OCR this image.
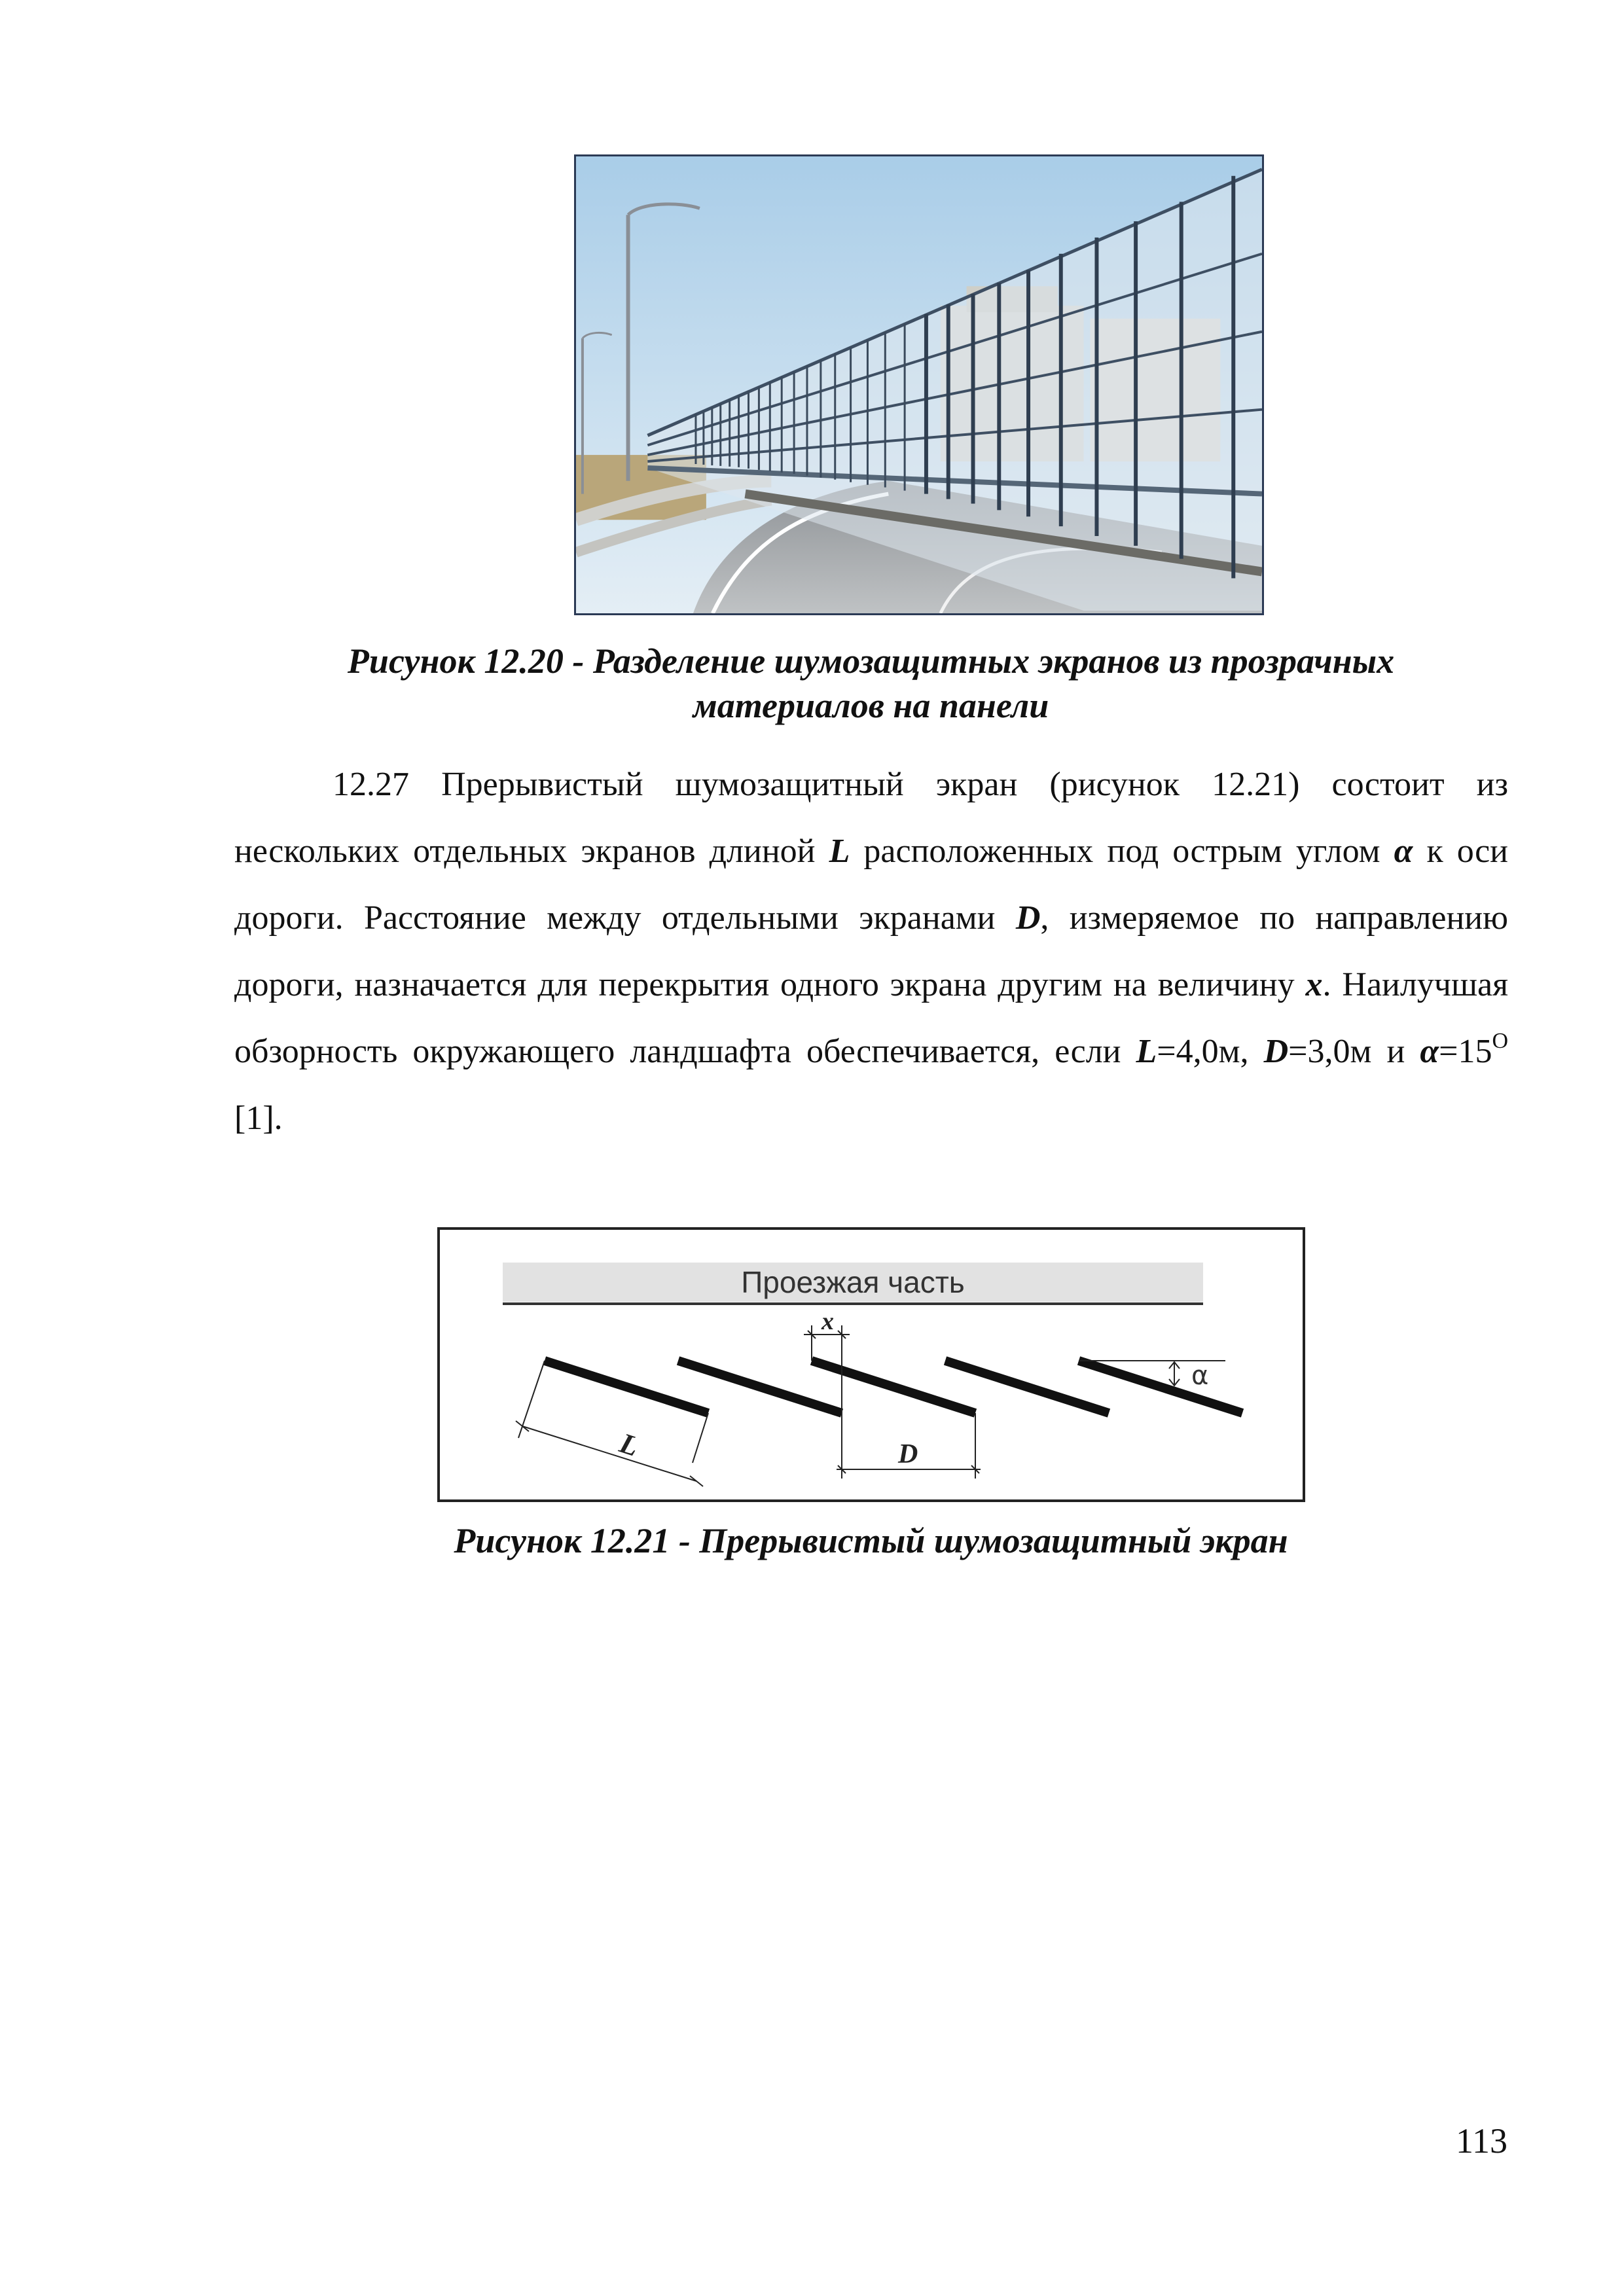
Рисунок 12.20 - Разделение шумозащитных экранов из прозрачных
материалов на панели
12.27 Прерывистый шумозащитный экран (рисунок 12.21) состоит из нескольких отдельных экранов длиной L расположенных под острым углом α к оси дороги. Расстояние между отдельными экранами D, измеряемое по направлению дороги, назначается для перекрытия одного экрана другим на величину x. Наилучшая обзорность окружающего ландшафта обеспечивается, если L=4,0м, D=3,0м и $\alpha=15^О$ [1].
Проезжая часть
L
x
D
α
Рисунок 12.21 - Прерывистый шумозащитный экран
113
